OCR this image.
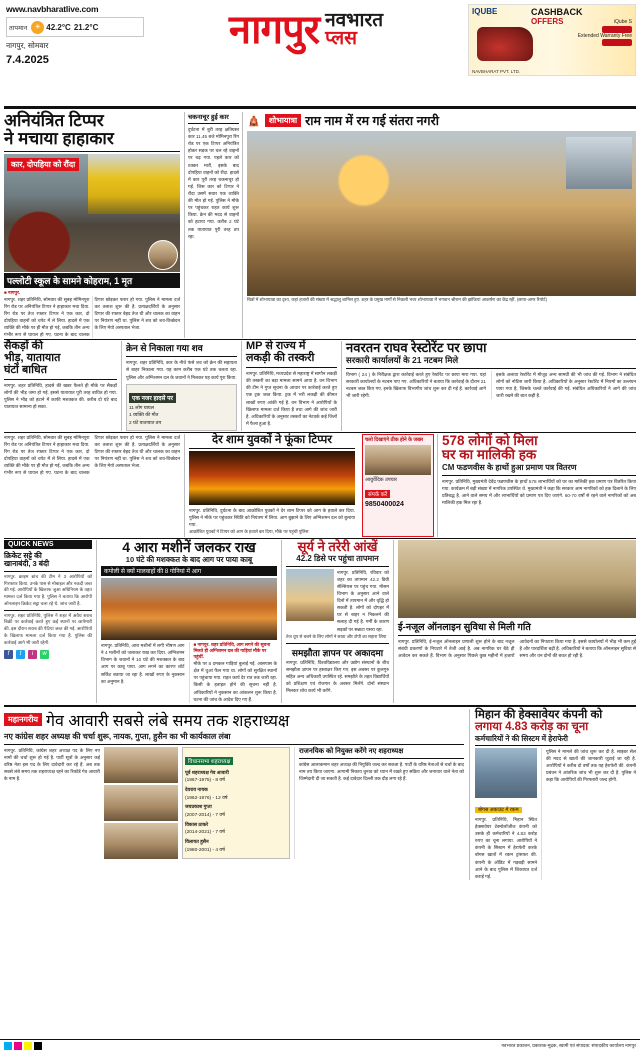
www.navbharatlive.com
तापमान	☀ 42.2°C 21.2°C
नागपुर, सोमवार
7.4.2025
नागपुर नवभारत
प्लस
IQUBE	CASHBACK
OFFERS	iQube S
Rs. 15,000
Extended Warranty Free
Rs. 30,000
NAVBHARAT PVT. LTD.
अनियंत्रित टिप्पर
ने मचाया हाहाकार
कार, दोपहिया को रौंदा
पल्लोटी स्कूल के सामने कोहराम, 1 मृत
■ नागपुर.
नागपुर. शहर प्रतिनिधि, सोमवार की सुबह मोमिनपुरा रिंग रोड पर अनियंत्रित टिप्पर ने हाहाकार मचा दिया. रिंग रोड पर तेज रफ्तार टिप्पर ने एक कार, दो दोपहिया वाहनों को चपेट में ले लिया. हादसे में एक व्यक्ति की मौके पर ही मौत हो गई, जबकि तीन अन्य गंभीर रूप से घायल हो गए. घटना के बाद चालक टिप्पर छोड़कर फरार हो गया. पुलिस ने मामला दर्ज कर तलाश शुरू की है. प्रत्यक्षदर्शियों के अनुसार टिप्पर की रफ्तार बेहद तेज थी और चालक का वाहन पर नियंत्रण नहीं था. पुलिस ने शव को शव-विच्छेदन के लिए मेयो अस्पताल भेजा.
चकनाचूर हुई कार
दुर्घटना में बुरी तरह क्षतिग्रस्त कार 11.45 बजे मोमिनपुरा रिंग रोड पर एक टिप्पर अनियंत्रित होकर सड़क पर चल रहे वाहनों पर चढ़ गया. पहले कार को टक्कर मारी, इसके बाद दोपहिया वाहनों को रौंदा. हादसे में कार पूरी तरह चकनाचूर हो गई. जिस कार को टिप्पर ने रौंदा उसमें सवार एक व्यक्ति की मौत हो गई. पुलिस ने मौके पर पहुंचकर राहत कार्य शुरू किया. क्रेन की मदद से वाहनों को हटाया गया. करीब 2 घंटे तक यातायात पूरी तरह ठप रहा.
🛕	शोभायात्रा राम नाम में रम गई संतरा नगरी
चित्रों में शोभायात्रा का दृश्य, जहां हजारों की संख्या में श्रद्धालु शामिल हुए. शहर के प्रमुख मार्गों से निकली भव्य शोभायात्रा में भगवान श्रीराम की झांकियां आकर्षण का केंद्र रहीं. (छाया-अमर रिपोर्ट)
सैकड़ों की
भीड़, यातायात
घंटों बाधित
नागपुर. शहर प्रतिनिधि, हादसे की खबर फैलते ही मौके पर सैकड़ों लोगों की भीड़ जमा हो गई. इससे यातायात पूरी तरह बाधित हो गया. पुलिस ने भीड़ को हटाने में काफी मशक्कत की. करीब दो घंटे बाद यातायात सामान्य हो सका.
क्रेन से निकाला गया शव
नागपुर. शहर प्रतिनिधि, कार के नीचे फंसे शव को क्रेन की सहायता से बाहर निकाला गया. यह काम करीब एक घंटे तक चलता रहा. पुलिस और अग्निशमन दल के जवानों ने मिलकर यह कार्य पूरा किया.
एक नजर हादसे पर
11 लोग घायल
1 व्यक्ति की मौत
2 घंटे यातायात ठप
MP से राज्य में
लकड़ी की तस्करी
नागपुर. प्रतिनिधि, मध्यप्रदेश से महाराष्ट्र में सागौन लकड़ी की तस्करी का बड़ा मामला सामने आया है. वन विभाग की टीम ने गुप्त सूचना के आधार पर कार्रवाई करते हुए एक ट्रक जब्त किया. ट्रक में भरी लकड़ी की कीमत लाखों रुपए आंकी गई है. वन विभाग ने आरोपियों के खिलाफ मामला दर्ज किया है तथा आगे की जांच जारी है. अधिकारियों के अनुसार तस्करों का नेटवर्क कई जिलों में फैला हुआ है.
नवरतन राघव रेस्टोरेंट पर छापा
सरकारी कार्यालयों के 21 नटबम मिले
विभाग ( 24 ) के निरीक्षक द्वारा कार्रवाई करते हुए रेस्टोरेंट पर छापा मारा गया. यहां सरकारी कार्यालयों के नटबम पाए गए. अधिकारियों ने बताया कि कार्रवाई के दौरान 21 नटबम जब्त किए गए. इनके खिलाफ विभागीय जांच शुरू कर दी गई है. कार्रवाई आगे भी जारी रहेगी.
इसके अलावा रेस्टोरेंट में मौजूद अन्य सामग्री की भी जांच की गई. विभाग ने संबंधित लोगों को नोटिस जारी किया है. अधिकारियों के अनुसार रेस्टोरेंट में नियमों का उल्लंघन पाया गया है, जिसके चलते कार्रवाई की गई. संबंधित अधिकारियों ने आगे की जांच जारी रखने की बात कही है.
नागपुर. शहर प्रतिनिधि, सोमवार की सुबह मोमिनपुरा रिंग रोड पर अनियंत्रित टिप्पर ने हाहाकार मचा दिया. रिंग रोड पर तेज रफ्तार टिप्पर ने एक कार, दो दोपहिया वाहनों को चपेट में ले लिया. हादसे में एक व्यक्ति की मौके पर ही मौत हो गई, जबकि तीन अन्य गंभीर रूप से घायल हो गए. घटना के बाद चालक टिप्पर छोड़कर फरार हो गया. पुलिस ने मामला दर्ज कर तलाश शुरू की है. प्रत्यक्षदर्शियों के अनुसार टिप्पर की रफ्तार बेहद तेज थी और चालक का वाहन पर नियंत्रण नहीं था. पुलिस ने शव को शव-विच्छेदन के लिए मेयो अस्पताल भेजा.
देर शाम युवकों ने फूंका टिप्पर
नागपुर. प्रतिनिधि, दुर्घटना के बाद आक्रोशित युवकों ने देर शाम टिप्पर को आग के हवाले कर दिया. पुलिस ने मौके पर पहुंचकर स्थिति को नियंत्रण में लिया. आग बुझाने के लिए अग्निशमन दल को बुलाया गया.
आक्रोशित युवकों ने टिप्पर को आग के हवाले कर दिया, मौके पर पहुंची पुलिस
चलो दिखाएंगे ठीक होने के जख्म
आयुर्वेदिक उपचार
संपर्क करें
9850400024
578 लोगों को मिला
घर का मालिकी हक
CM फडणवीस के हाथों हुआ प्रमाण पत्र वितरण
नागपुर. प्रतिनिधि, मुख्यमंत्री देवेंद्र फडणवीस के हाथों 578 लाभार्थियों को घर का मालिकी हक प्रमाण पत्र वितरित किया गया. कार्यक्रम में बड़ी संख्या में नागरिक उपस्थित थे. मुख्यमंत्री ने कहा कि सरकार आम नागरिकों को हक दिलाने के लिए प्रतिबद्ध है. आने वाले समय में और लाभार्थियों को प्रमाण पत्र दिए जाएंगे. 60-70 वर्षों से रहने वाले नागरिकों को अब मालिकी हक मिल रहा है.
QUICK NEWS
क्रिकेट सट्टे की
खानाबंदी, 3 बंदी
नागपुर. क्राइम ब्रांच की टीम ने 3 आरोपियों को गिरफ्तार किया. उनके पास से मोबाइल और नकदी जब्त की गई. आरोपियों के खिलाफ जुआ अधिनियम के तहत मामला दर्ज किया गया है. पुलिस ने बताया कि आरोपी ऑनलाइन क्रिकेट सट्टा चला रहे थे. जांच जारी है.
नागपुर. शहर प्रतिनिधि, पुलिस ने शहर में अवैध शराब बिक्री पर कार्रवाई करते हुए कई स्थानों पर छापेमारी की. इस दौरान शराब की पेटियां जब्त की गईं. आरोपियों के खिलाफ मामला दर्ज किया गया है. पुलिस की कार्रवाई आगे भी जारी रहेगी.
f	t	i	w
4 आरा मशीनें जलकर राख
10 घंटे की मशक्कत के बाद आग पर पाया काबू
कपोली से क्यों मालवाहों की 8 गोनियां में आग
नागपुर. प्रतिनिधि, आरा मशीनों में लगी भीषण आग ने 4 मशीनों को जलाकर राख कर दिया. अग्निशमन विभाग के जवानों ने 10 घंटे की मशक्कत के बाद आग पर काबू पाया. आग लगने का कारण शॉर्ट सर्किट बताया जा रहा है. लाखों रुपए के नुकसान का अनुमान है.
■ नागपुर. शहर प्रतिनिधि, आग लगने की सूचना मिलते ही अग्निशमन दल की गाड़ियां मौके पर पहुंचीं.
मौके पर 8 दमकल गाड़ियां बुलाई गईं. आसपास के क्षेत्र में धुआं फैल गया था. लोगों को सुरक्षित स्थानों पर पहुंचाया गया. राहत कार्य देर रात तक जारी रहा. किसी के हताहत होने की सूचना नहीं है. अधिकारियों ने नुकसान का आंकलन शुरू किया है. घटना की जांच के आदेश दिए गए हैं.
सूर्य ने तरेरी आंखें
42.2 डिसे पर पहुंचा तापमान
नागपुर. प्रतिनिधि, रविवार को शहर का तापमान 42.2 डिग्री सेल्सियस पर पहुंच गया. मौसम विभाग के अनुसार आने वाले दिनों में तापमान में और वृद्धि हो सकती है. लोगों को दोपहर में घर से बाहर न निकलने की सलाह दी गई है. गर्मी के कारण सड़कों पर सन्नाटा पसरा रहा.
तेज धूप से बचने के लिए लोगों ने छाता और टोपी का सहारा लिया
समझौता ज्ञापन पर अकादमा
नागपुर. प्रतिनिधि, विश्वविद्यालय और उद्योग संस्थानों के बीच समझौता ज्ञापन पर हस्ताक्षर किए गए. इस अवसर पर कुलगुरु सहित अन्य अधिकारी उपस्थित रहे. समझौते के तहत विद्यार्थियों को प्रशिक्षण एवं रोजगार के अवसर मिलेंगे. दोनों संस्थान मिलकर शोध कार्य भी करेंगे.
ई-नजूल ऑनलाइन सुविधा से मिली गति
नागपुर. प्रतिनिधि, ई-नजूल ऑनलाइन प्रणाली शुरू होने के बाद नजूल संबंधी प्रकरणों के निपटारे में तेजी आई है. अब नागरिक घर बैठे ही आवेदन कर सकते हैं. विभाग के अनुसार पिछले कुछ महीनों में हजारों आवेदनों का निपटारा किया गया है. इससे कार्यालयों में भीड़ भी कम हुई है और पारदर्शिता बढ़ी है. अधिकारियों ने बताया कि ऑनलाइन सुविधा से समय और धन दोनों की बचत हो रही है.
महानगरीय गेव आवारी सबसे लंबे समय तक शहराध्यक्ष
नए कांग्रेस शहर अध्यक्ष की चर्चा शुरू, नायक, गुप्ता, हुसैन का भी कार्यकाल लंबा
नागपुर. प्रतिनिधि, कांग्रेस शहर अध्यक्ष पद के लिए नए नामों की चर्चा शुरू हो गई है. पार्टी सूत्रों के अनुसार कई वरिष्ठ नेता इस पद के लिए दावेदारी कर रहे हैं. अब तक सबसे लंबे समय तक शहराध्यक्ष रहने का रिकॉर्ड गेव आवारी के नाम है.
विधानसभा शहराध्यक्ष
पूर्व शहराध्यक्ष गेव आवारी
(1967-1975) - 8 वर्ष
देवराव नायक
(1962-1976) - 12 वर्ष
जयप्रकाश गुप्ता
(2007-2014) - 7 वर्ष
विकास ठाकरे
(2014-2021) - 7 वर्ष
विलायत हुसैन
(1980-2001) - 4 वर्ष
राजनयिक को नियुक्त करेंगे नए शहराध्यक्ष
कांग्रेस आलाकमान शहर अध्यक्ष की नियुक्ति जल्द कर सकता है. पार्टी के वरिष्ठ नेताओं से चर्चा के बाद नाम तय किया जाएगा. आगामी निकाय चुनाव को ध्यान में रखते हुए सक्रिय और जनाधार वाले नेता को जिम्मेदारी दी जा सकती है. कई दावेदार दिल्ली तक दौड़ लगा रहे हैं.
मिहान की हेक्सावेयर कंपनी को
लगाया 4.83 करोड़ का चूना
कर्मचारियों ने की सिस्टम में हेराफेरी
बोगस अकाउंट में रकम
नागपुर. प्रतिनिधि, मिहान स्थित हेक्सावेयर टेक्नोलॉजीज कंपनी को उसके ही कर्मचारियों ने 4.83 करोड़ रुपए का चूना लगाया. आरोपियों ने कंपनी के सिस्टम में हेराफेरी करके बोगस खातों में रकम ट्रांसफर की. कंपनी के ऑडिट में गड़बड़ी सामने आने के बाद पुलिस में शिकायत दर्ज कराई गई.
पुलिस ने मामले की जांच शुरू कर दी है. साइबर सेल की मदद से खातों की जानकारी जुटाई जा रही है. आरोपियों ने करीब दो वर्षों तक यह हेराफेरी की. कंपनी प्रबंधन ने आंतरिक जांच भी शुरू कर दी है. पुलिस ने कहा कि आरोपियों की गिरफ्तारी जल्द होगी.
नवभारत प्रकाशन, प्रकाशक-मुद्रक, स्वामी एवं संपादक: संपादकीय कार्यालय नागपुर
